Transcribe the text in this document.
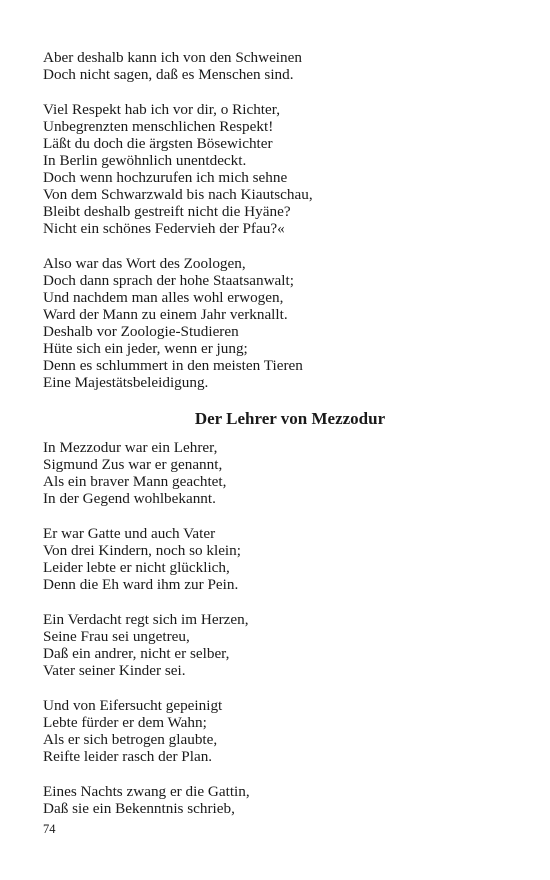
Aber deshalb kann ich von den Schweinen
Doch nicht sagen, daß es Menschen sind.
Viel Respekt hab ich vor dir, o Richter,
Unbegrenzten menschlichen Respekt!
Läßt du doch die ärgsten Bösewichter
In Berlin gewöhnlich unentdeckt.
Doch wenn hochzurufen ich mich sehne
Von dem Schwarzwald bis nach Kiautschau,
Bleibt deshalb gestreift nicht die Hyäne?
Nicht ein schönes Federvieh der Pfau?«
Also war das Wort des Zoologen,
Doch dann sprach der hohe Staatsanwalt;
Und nachdem man alles wohl erwogen,
Ward der Mann zu einem Jahr verknallt.
Deshalb vor Zoologie-Studieren
Hüte sich ein jeder, wenn er jung;
Denn es schlummert in den meisten Tieren
Eine Majestätsbeleidigung.
Der Lehrer von Mezzodur
In Mezzodur war ein Lehrer,
Sigmund Zus war er genannt,
Als ein braver Mann geachtet,
In der Gegend wohlbekannt.
Er war Gatte und auch Vater
Von drei Kindern, noch so klein;
Leider lebte er nicht glücklich,
Denn die Eh ward ihm zur Pein.
Ein Verdacht regt sich im Herzen,
Seine Frau sei ungetreu,
Daß ein andrer, nicht er selber,
Vater seiner Kinder sei.
Und von Eifersucht gepeinigt
Lebte fürder er dem Wahn;
Als er sich betrogen glaubte,
Reifte leider rasch der Plan.
Eines Nachts zwang er die Gattin,
Daß sie ein Bekenntnis schrieb,
74
